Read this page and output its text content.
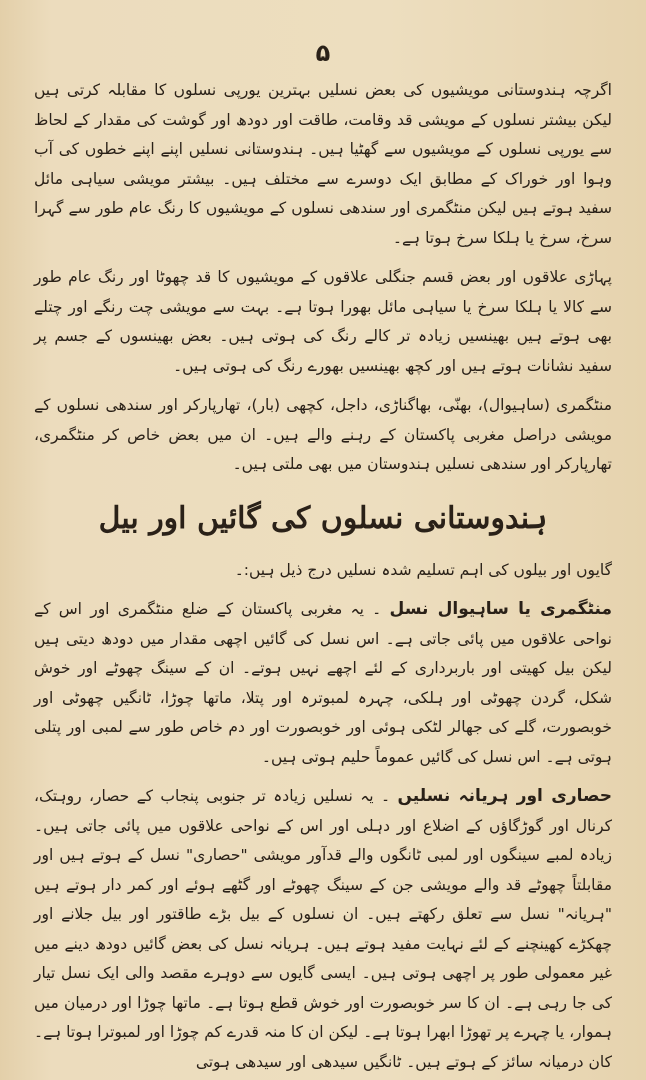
۵

اگرچہ ہندوستانی مویشیوں کی بعض نسلیں بہترین یورپی نسلوں کا مقابلہ کرتی ہیں لیکن بیشتر نسلوں کے مویشی قد وقامت، طاقت اور دودھ اور گوشت کی مقدار کے لحاظ سے یورپی نسلوں کے مویشیوں سے گھٹیا ہیں۔ ہندوستانی نسلیں اپنے اپنے خطوں کی آب وہوا اور خوراک کے مطابق ایک دوسرے سے مختلف ہیں۔ بیشتر مویشی سیاہی مائل سفید ہوتے ہیں لیکن منٹگمری اور سندھی نسلوں کے مویشیوں کا رنگ عام طور سے گہرا سرخ، سرخ یا ہلکا سرخ ہوتا ہے۔

پہاڑی علاقوں اور بعض قسم جنگلی علاقوں کے مویشیوں کا قد چھوٹا اور رنگ عام طور سے کالا یا ہلکا سرخ یا سیاہی مائل بھورا ہوتا ہے۔ بہت سے مویشی چت رنگے اور چتلے بھی ہوتے ہیں بھینسیں زیادہ تر کالے رنگ کی ہوتی ہیں۔ بعض بھینسوں کے جسم پر سفید نشانات ہوتے ہیں اور کچھ بھینسیں بھورے رنگ کی ہوتی ہیں۔

منٹگمری (ساہیوال)، بھنّی، بھاگناڑی، داجل، کچھی (بار)، تھارپارکر اور سندھی نسلوں کے مویشی دراصل مغربی پاکستان کے رہنے والے ہیں۔ ان میں بعض خاص کر منٹگمری، تھارپارکر اور سندھی نسلیں ہندوستان میں بھی ملتی ہیں۔

ہندوستانی نسلوں کی گائیں اور بیل

گایوں اور بیلوں کی اہم تسلیم شدہ نسلیں درج ذیل ہیں:۔

منٹگمری یا ساہیوال نسل ۔ یہ مغربی پاکستان کے ضلع منٹگمری اور اس کے نواحی علاقوں میں پائی جاتی ہے۔ اس نسل کی گائیں اچھی مقدار میں دودھ دیتی ہیں لیکن بیل کھیتی اور باربرداری کے لئے اچھے نہیں ہوتے۔ ان کے سینگ چھوٹے اور خوش شکل، گردن چھوٹی اور ہلکی، چہرہ لمبوترہ اور پتلا، ماتھا چوڑا، ٹانگیں چھوٹی اور خوبصورت، گلے کی جھالر لٹکی ہوئی اور خوبصورت اور دم خاص طور سے لمبی اور پتلی ہوتی ہے۔ اس نسل کی گائیں عموماً حلیم ہوتی ہیں۔

حصاری اور ہریانہ نسلیں ۔ یہ نسلیں زیادہ تر جنوبی پنجاب کے حصار، روہتک، کرنال اور گوڑگاؤں کے اضلاع اور دہلی اور اس کے نواحی علاقوں میں پائی جاتی ہیں۔ زیادہ لمبے سینگوں اور لمبی ٹانگوں والے قدآور مویشی "حصاری" نسل کے ہوتے ہیں اور مقابلتاً چھوٹے قد والے مویشی جن کے سینگ چھوٹے اور گٹھے ہوئے اور کمر دار ہوتے ہیں "ہریانہ" نسل سے تعلق رکھتے ہیں۔ ان نسلوں کے بیل بڑے طاقتور اور بیل جلانے اور چھکڑے کھینچنے کے لئے نہایت مفید ہوتے ہیں۔ ہریانہ نسل کی بعض گائیں دودھ دینے میں غیر معمولی طور پر اچھی ہوتی ہیں۔ ایسی گایوں سے دوہرے مقصد والی ایک نسل تیار کی جا رہی ہے۔ ان کا سر خوبصورت اور خوش قطع ہوتا ہے۔ ماتھا چوڑا اور درمیان میں ہموار، یا چہرے پر تھوڑا ابھرا ہوتا ہے۔ لیکن ان کا منہ قدرے کم چوڑا اور لمبوترا ہوتا ہے۔ کان درمیانہ سائز کے ہوتے ہیں۔ ٹانگیں سیدھی اور سیدھی ہوتی
